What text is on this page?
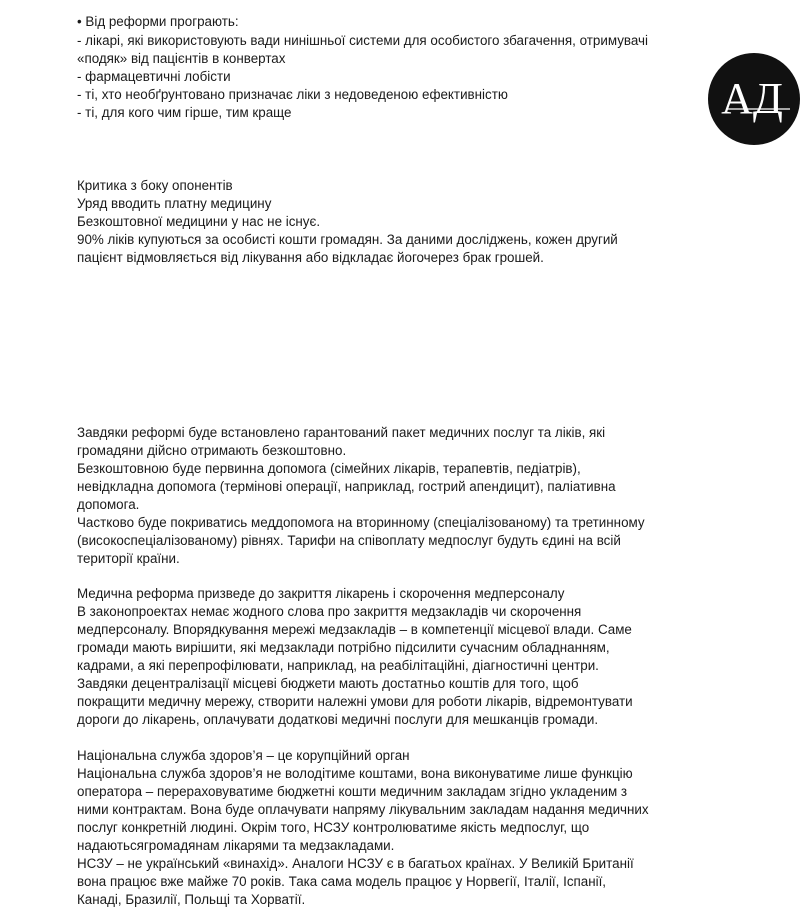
АД
• Від реформи програють:
- лікарі, які використовують вади нинішньої системи для особистого збагачення, отримувачі
«подяк» від пацієнтів в конвертах
- фармацевтичні лобісти
- ті, хто необґрунтовано призначає ліки з недоведеною ефективністю
- ті, для кого чим гірше, тим краще
Критика з боку опонентів
Уряд вводить платну медицину
Безкоштовної медицини у нас не існує.
90% ліків купуються за особисті кошти громадян. За даними досліджень, кожен другий
пацієнт відмовляється від лікування або відкладає йогочерез брак грошей.
Завдяки реформі буде встановлено гарантований пакет медичних послуг та ліків, які
громадяни дійсно отримають безкоштовно.
Безкоштовною буде первинна допомога (сімейних лікарів, терапевтів, педіатрів),
невідкладна допомога (термінові операції, наприклад, гострий апендицит), паліативна
допомога.
Частково буде покриватись меддопомога на вторинному (спеціалізованому) та третинному
(високоспеціалізованому) рівнях. Тарифи на співоплату медпослуг будуть єдині на всій
території країни.
Медична реформа призведе до закриття лікарень і скорочення медперсоналу
В законопроектах немає жодного слова про закриття медзакладів чи скорочення
медперсоналу. Впорядкування мережі медзакладів – в компетенції місцевої влади. Саме
громади мають вирішити, які медзаклади потрібно підсилити сучасним обладнанням,
кадрами, а які перепрофілювати, наприклад, на реабілітаційні, діагностичні центри.
Завдяки децентралізації місцеві бюджети мають достатньо коштів для того, щоб
покращити медичну мережу, створити належні умови для роботи лікарів, відремонтувати
дороги до лікарень, оплачувати додаткові медичні послуги для мешканців громади.
Національна служба здоров’я – це корупційний орган
Національна служба здоров’я не володітиме коштами, вона виконуватиме лише функцію
оператора – перераховуватиме бюджетні кошти медичним закладам згідно укладеним з
ними контрактам. Вона буде оплачувати напряму лікувальним закладам надання медичних
послуг конкретній людині. Окрім того, НСЗУ контролюватиме якість медпослуг, що
надаютьсягромадянам лікарями та медзакладами.
НСЗУ – не український «винахід». Аналоги НСЗУ є в багатьох країнах. У Великій Британії
вона працює вже майже 70 років. Така сама модель працює у Норвегії, Італії, Іспанії,
Канаді, Бразилії, Польщі та Хорватії.
